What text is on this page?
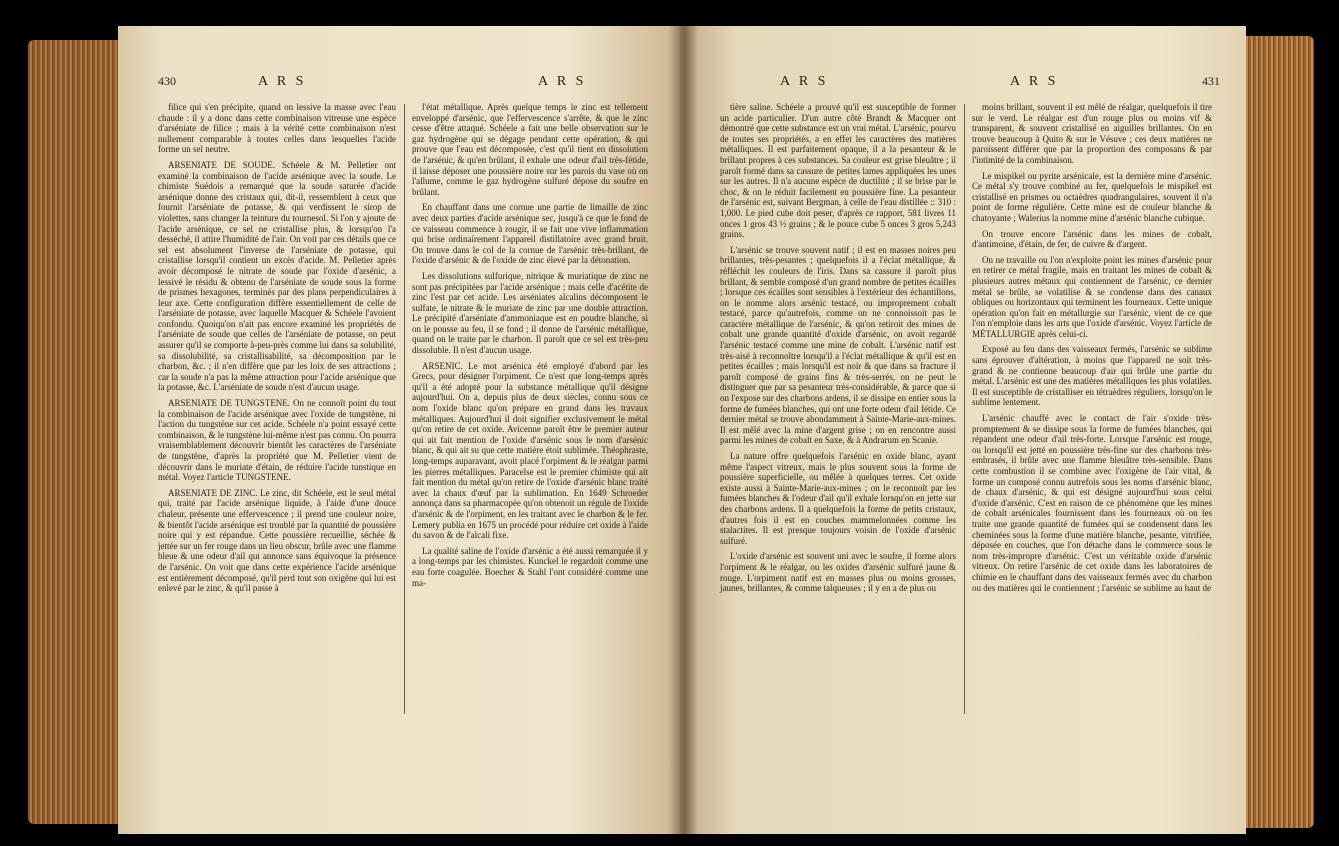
430	A R S	A R S

filice qui s'en précipite, quand on lessive la masse avec l'eau chaude : il y a donc dans cette combinaison vitreuse une espèce d'arséniate de filice ; mais à la vérité cette combinaison n'est nullement comparable à toutes celles dans lesquelles l'acide forme un sel neutre.

ARSENIATE DE SOUDE. Schéele & M. Pelletier ont examiné la combinaison de l'acide arsénique avec la soude. Le chimiste Suédois a remarqué que la soude saturée d'acide arsénique donne des cristaux qui, dit-il, ressemblent à ceux que fournit l'arséniate de potasse, & qui verdissent le sirop de violettes, sans changer la teinture du tournesol. Si l'on y ajoute de l'acide arsénique, ce sel ne cristallise plus, & lorsqu'on l'a desséché, il attire l'humidité de l'air. On voit par ces détails que ce sel est absolument l'inverse de l'arséniate de potasse, qui cristallise lorsqu'il contient un excès d'acide. M. Pelletier après avoir décomposé le nitrate de soude par l'oxide d'arsénic, a lessivé le résidu & obtenu de l'arséniate de soude sous la forme de prismes hexagones, terminés par des plans perpendiculaires à leur axe. Cette configuration diffère essentiellement de celle de l'arséniate de potasse, avec laquelle Macquer & Schéele l'avoient confondu. Quoiqu'on n'ait pas encore examiné les propriétés de l'arséniate de soude que celles de l'arséniate de potasse, on peut assurer qu'il se comporte à-peu-près comme lui dans sa solubilité, sa dissolubilité, sa cristallisabilité, sa décomposition par le charbon, &c. ; il n'en diffère que par les loix de ses attractions ; car la soude n'a pas la même attraction pour l'acide arsénique que la potasse, &c. L'arséniate de soude n'est d'aucun usage.

ARSENIATE DE TUNGSTENE. On ne connoît point du tout la combinaison de l'acide arsénique avec l'oxide de tungstène, ni l'action du tungstène sur cet acide. Schéele n'a point essayé cette combinaison, & le tungstène lui-même n'est pas connu. On pourra vraisemblablement découvrir bientôt les caractères de l'arséniate de tungstène, d'après la propriété que M. Pelletier vient de découvrir dans le muriate d'étain, de réduire l'acide tunstique en métal. Voyez l'article TUNGSTENE.

ARSENIATE DE ZINC. Le zinc, dit Schéele, est le seul métal qui, traité par l'acide arsénique liquide, à l'aide d'une douce chaleur, présente une effervescence ; il prend une couleur noire, & bientôt l'acide arsénique est troublé par la quantité de poussière noire qui y est répandue. Cette poussière recueillie, séchée & jettée sur un fer rouge dans un lieu obscur, brûle avec une flamme bleue & une odeur d'ail qui annonce sans équivoque la présence de l'arsénic. On voit que dans cette expérience l'acide arsénique est entièrement décomposé, qu'il perd tout son oxigène qui lui est enlevé par le zinc, & qu'il passe à

l'état métallique. Après quelque temps le zinc est tellement enveloppé d'arsénic, que l'effervescence s'arrête, & que le zinc cesse d'être attaqué. Schéele a fait une belle observation sur le gaz hydrogène qui se dégage pendant cette opération, & qui prouve que l'eau est décomposée, c'est qu'il tient en dissolution de l'arsénic, & qu'en brûlant, il exhale une odeur d'ail très-fétide, il laisse déposer une poussière noire sur les parois du vase où on l'allume, comme le gaz hydrogène sulfuré dépose du soufre en brûlant.

En chauffant dans une cornue une partie de limaille de zinc avec deux parties d'acide arsénique sec, jusqu'à ce que le fond de ce vaisseau commence à rougir, il se fait une vive inflammation qui brise ordinairement l'appareil distillatoire avec grand bruit. On trouve dans le col de la cornue de l'arsénic très-brillant, de l'oxide d'arsénic & de l'oxide de zinc élevé par la détonation.

Les dissolutions sulfurique, nitrique & muriatique de zinc ne sont pas précipitées par l'acide arsénique ; mais celle d'acétite de zinc l'est par cet acide. Les arséniates alcalins décomposent le sulfate, le nitrate & le muriate de zinc par une double attraction. Le précipité d'arséniate d'ammoniaque est en poudre blanche, si on le pousse au feu, il se fond ; il donne de l'arsénic métallique, quand on le traite par le charbon. Il paroît que ce sel est très-peu dissoluble. Il n'est d'aucun usage.

ARSENIC. Le mot arsénica été employé d'abord par les Grecs, pour désigner l'orpiment. Ce n'est que long-temps après qu'il a été adopté pour la substance métallique qu'il désigne aujourd'hui. On a, depuis plus de deux siècles, connu sous ce nom l'oxide blanc qu'on prépare en grand dans les travaux métalliques. Aujourd'hui il doit signifier exclusivement le métal qu'on retire de cet oxide. Avicenne paroît être le premier auteur qui ait fait mention de l'oxide d'arsénic sous le nom d'arsénic blanc, & qui ait su que cette matière étoit sublimée. Théophraste, long-temps auparavant, avoit placé l'orpiment & le réalgar parmi les pierres métalliques. Paracelse est le premier chimiste qui ait fait mention du métal qu'on retire de l'oxide d'arsénic blanc traité avec la chaux d'œuf par la sublimation. En 1649 Schroeder annonça dans sa pharmacopée qu'on obtenoit un régule de l'oxide d'arsénic & de l'orpiment, en les traitant avec le charbon & le fer. Lemery publia en 1675 un procédé pour réduire cet oxide à l'aide du savon & de l'alcali fixe.

La qualité saline de l'oxide d'arsénic a été aussi remarquée il y a long-temps par les chimistes. Kunckel le regardoit comme une eau forte coagulée. Boecher & Stahl l'ont considéré comme une ma-

A R S	A R S	431

tière saline. Schéele a prouvé qu'il est susceptible de former un acide particulier. D'un autre côté Brandt & Macquer ont démontré que cette substance est un vrai métal. L'arsénic, pourvu de toutes ses propriétés, a en effet les caractères des matières métalliques. Il est parfaitement opaque, il a la pesanteur & le brillant propres à ces substances. Sa couleur est grise bleuâtre ; il paroît formé dans sa cassure de petites lames appliquées les unes sur les autres. Il n'a aucune espèce de ductilité ; il se brise par le choc, & on le réduit facilement en poussière fine. La pesanteur de l'arsénic est, suivant Bergman, à celle de l'eau distillée :: 310 : 1,000. Le pied cube doit peser, d'après ce rapport, 581 livres 11 onces 1 gros 43 ½ grains ; & le pouce cube 5 onces 3 gros 5,243 grains.

L'arsénic se trouve souvent natif ; il est en masses noires peu brillantes, très-pesantes ; quelquefois il a l'éclat métallique, & réfléchit les couleurs de l'iris. Dans sa cassure il paroît plus brillant, & semble composé d'un grand nombre de petites écailles ; lorsque ces écailles sont sensibles à l'extérieur des échantillons, on le nomme alors arsénic testacé, ou improprement cobalt testacé, parce qu'autrefois, comme on ne connoissoit pas le caractère métallique de l'arsénic, & qu'on retiroit des mines de cobalt une grande quantité d'oxide d'arsénic, on avoit regardé l'arsénic testacé comme une mine de cobalt. L'arsénic natif est très-aisé à reconnoître lorsqu'il a l'éclat métallique & qu'il est en petites écailles ; mais lorsqu'il est noir & que dans sa fracture il paroît composé de grains fins & très-serrés, on ne peut le distinguer que par sa pesanteur très-considérable, & parce que si on l'expose sur des charbons ardens, il se dissipe en entier sous la forme de fumées blanches, qui ont une forte odeur d'ail fétide. Ce dernier métal se trouve abondamment à Sainte-Marie-aux-mines. Il est mêlé avec la mine d'argent grise ; on en rencontre aussi parmi les mines de cobalt en Saxe, & à Andrarum en Scanie.

La nature offre quelquefois l'arsénic en oxide blanc, ayant même l'aspect vitreux, mais le plus souvent sous la forme de poussière superficielle, ou mêlée à quelques terres. Cet oxide existe aussi à Sainte-Marie-aux-mines ; on le reconnoît par les fumées blanches & l'odeur d'ail qu'il exhale lorsqu'on en jette sur des charbons ardens. Il a quelquefois la forme de petits cristaux, d'autres fois il est en couches mammelonnées comme les stalactites. Il est presque toujours voisin de l'oxide d'arsénic sulfuré.

L'oxide d'arsénic est souvent uni avec le soufre, il forme alors l'orpiment & le réalgar, ou les oxides d'arsénic sulfuré jaune & rouge. L'orpiment natif est en masses plus ou moins grosses, jaunes, brillantes, & comme talqueuses ; il y en a de plus ou

moins brillant, souvent il est mêlé de réalgar, quelquefois il tire sur le verd. Le réalgar est d'un rouge plus ou moins vif & transparent, & souvent cristallisé en aiguilles brillantes. On en trouve beaucoup à Quito & sur le Vésuve ; ces deux matières ne paroissent différer que par la proportion des composans & par l'intimité de la combinaison.

Le mispikel ou pyrite arsénicale, est la dernière mine d'arsénic. Ce métal s'y trouve combiné au fer, quelquefois le mispikel est cristallisé en prismes ou octaèdres quadrangulaires, souvent il n'a point de forme régulière. Cette mine est de couleur blanche & chatoyante ; Walerius la nomme mine d'arsénic blanche cubique.

On trouve encore l'arsénic dans les mines de cobalt, d'antimoine, d'étain, de fer, de cuivre & d'argent.

On ne travaille ou l'on n'exploite point les mines d'arsénic pour en retirer ce métal fragile, mais en traitant les mines de cobalt & plusieurs autres métaux qui contiennent de l'arsénic, ce dernier métal se brûle, se volatilise & se condense dans des canaux obliques ou horizontaux qui terminent les fourneaux. Cette unique opération qu'on fait en métallurgie sur l'arsénic, vient de ce que l'on n'emploie dans les arts que l'oxide d'arsénic. Voyez l'article de MÉTALLURGIE après celui-ci.

Exposé au feu dans des vaisseaux fermés, l'arsénic se sublime sans éprouver d'altération, à moins que l'appareil ne soit très-grand & ne contienne beaucoup d'air qui brûle une partie du métal. L'arsénic est une des matières métalliques les plus volatiles. Il est susceptible de cristalliser en tétraèdres réguliers, lorsqu'on le sublime lentement.

L'arsénic chauffé avec le contact de l'air s'oxide très-promptement & se dissipe sous la forme de fumées blanches, qui répandent une odeur d'ail très-forte. Lorsque l'arsénic est rouge, ou lorsqu'il est jetté en poussière très-fine sur des charbons très-embrasés, il brûle avec une flamme bleuâtre très-sensible. Dans cette combustion il se combine avec l'oxigène de l'air vital, & forme un composé connu autrefois sous les noms d'arsénic blanc, de chaux d'arsénic, & qui est désigné aujourd'hui sous celui d'oxide d'arsénic. C'est en raison de ce phénomène que les mines de cobalt arsénicales fournissent dans les fourneaux où on les traite une grande quantité de fumées qui se condensent dans les cheminées sous la forme d'une matière blanche, pesante, vitrifiée, déposée en couches, que l'on détache dans le commerce sous le nom très-impropre d'arsénic. C'est un véritable oxide d'arsénic vitreux. On retire l'arsénic de cet oxide dans les laboratoires de chimie en le chauffant dans des vaisseaux fermés avec du charbon ou des matières qui le contiennent ; l'arsénic se sublime au haut de
